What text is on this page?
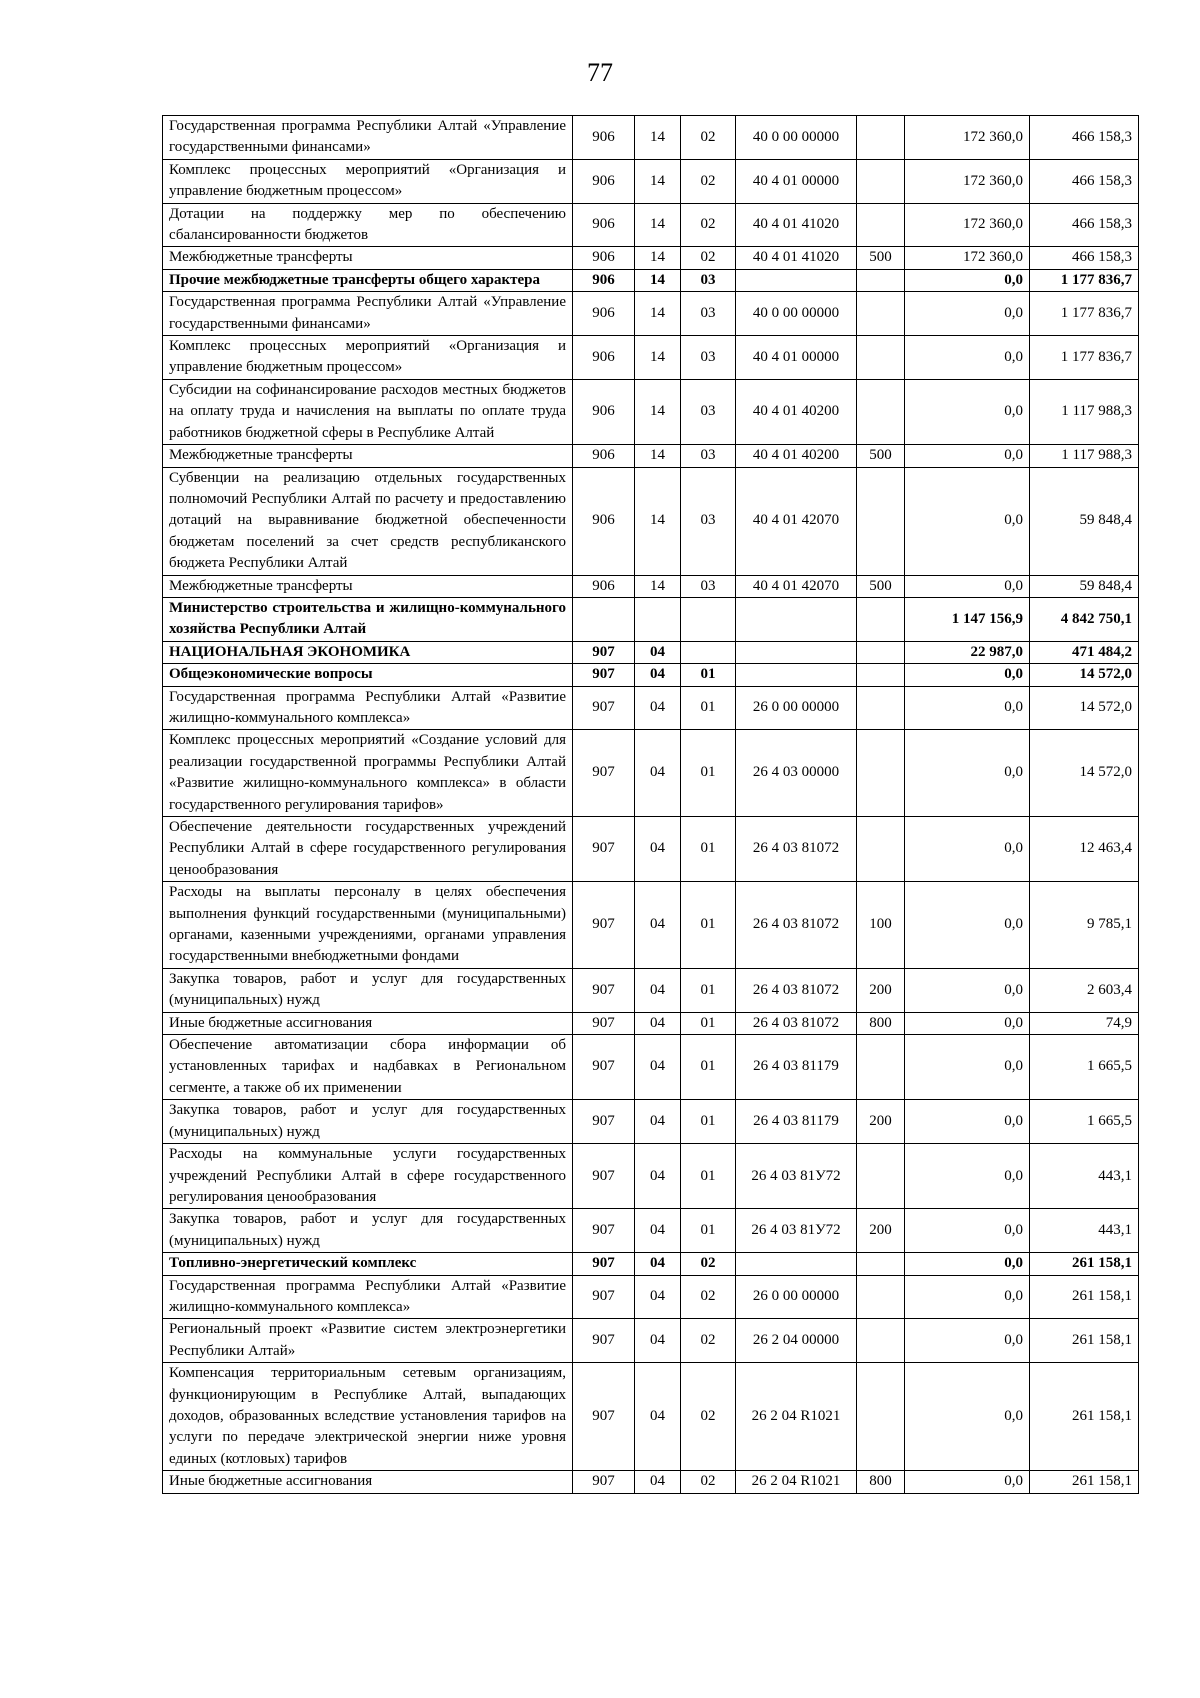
77
Государственная программа Республики Алтай «Управление государственными финансами»	906	14	02	40 0 00 00000		172 360,0	466 158,3
Комплекс процессных мероприятий «Организация и управление бюджетным процессом»	906	14	02	40 4 01 00000		172 360,0	466 158,3
Дотации на поддержку мер по обеспечению сбалансированности бюджетов	906	14	02	40 4 01 41020		172 360,0	466 158,3
Межбюджетные трансферты	906	14	02	40 4 01 41020	500	172 360,0	466 158,3
Прочие межбюджетные трансферты общего характера	906	14	03			0,0	1 177 836,7
Государственная программа Республики Алтай «Управление государственными финансами»	906	14	03	40 0 00 00000		0,0	1 177 836,7
Комплекс процессных мероприятий «Организация и управление бюджетным процессом»	906	14	03	40 4 01 00000		0,0	1 177 836,7
Субсидии на софинансирование расходов местных бюджетов на оплату труда и начисления на выплаты по оплате труда работников бюджетной сферы в Республике Алтай	906	14	03	40 4 01 40200		0,0	1 117 988,3
Межбюджетные трансферты	906	14	03	40 4 01 40200	500	0,0	1 117 988,3
Субвенции на реализацию отдельных государственных полномочий Республики Алтай по расчету и предоставлению дотаций на выравнивание бюджетной обеспеченности бюджетам поселений за счет средств республиканского бюджета Республики Алтай	906	14	03	40 4 01 42070		0,0	59 848,4
Межбюджетные трансферты	906	14	03	40 4 01 42070	500	0,0	59 848,4
Министерство строительства и жилищно-коммунального хозяйства Республики Алтай						1 147 156,9	4 842 750,1
НАЦИОНАЛЬНАЯ ЭКОНОМИКА	907	04				22 987,0	471 484,2
Общеэкономические вопросы	907	04	01			0,0	14 572,0
Государственная программа Республики Алтай «Развитие жилищно-коммунального комплекса»	907	04	01	26 0 00 00000		0,0	14 572,0
Комплекс процессных мероприятий «Создание условий для реализации государственной программы Республики Алтай «Развитие жилищно-коммунального комплекса» в области государственного регулирования тарифов»	907	04	01	26 4 03 00000		0,0	14 572,0
Обеспечение деятельности государственных учреждений Республики Алтай в сфере государственного регулирования ценообразования	907	04	01	26 4 03 81072		0,0	12 463,4
Расходы на выплаты персоналу в целях обеспечения выполнения функций государственными (муниципальными) органами, казенными учреждениями, органами управления государственными внебюджетными фондами	907	04	01	26 4 03 81072	100	0,0	9 785,1
Закупка товаров, работ и услуг для государственных (муниципальных) нужд	907	04	01	26 4 03 81072	200	0,0	2 603,4
Иные бюджетные ассигнования	907	04	01	26 4 03 81072	800	0,0	74,9
Обеспечение автоматизации сбора информации об установленных тарифах и надбавках в Региональном сегменте, а также об их применении	907	04	01	26 4 03 81179		0,0	1 665,5
Закупка товаров, работ и услуг для государственных (муниципальных) нужд	907	04	01	26 4 03 81179	200	0,0	1 665,5
Расходы на коммунальные услуги государственных учреждений Республики Алтай в сфере государственного регулирования ценообразования	907	04	01	26 4 03 81У72		0,0	443,1
Закупка товаров, работ и услуг для государственных (муниципальных) нужд	907	04	01	26 4 03 81У72	200	0,0	443,1
Топливно-энергетический комплекс	907	04	02			0,0	261 158,1
Государственная программа Республики Алтай «Развитие жилищно-коммунального комплекса»	907	04	02	26 0 00 00000		0,0	261 158,1
Региональный проект «Развитие систем электроэнергетики Республики Алтай»	907	04	02	26 2 04 00000		0,0	261 158,1
Компенсация территориальным сетевым организациям, функционирующим в Республике Алтай, выпадающих доходов, образованных вследствие установления тарифов на услуги по передаче электрической энергии ниже уровня единых (котловых) тарифов	907	04	02	26 2 04 R1021		0,0	261 158,1
Иные бюджетные ассигнования	907	04	02	26 2 04 R1021	800	0,0	261 158,1
